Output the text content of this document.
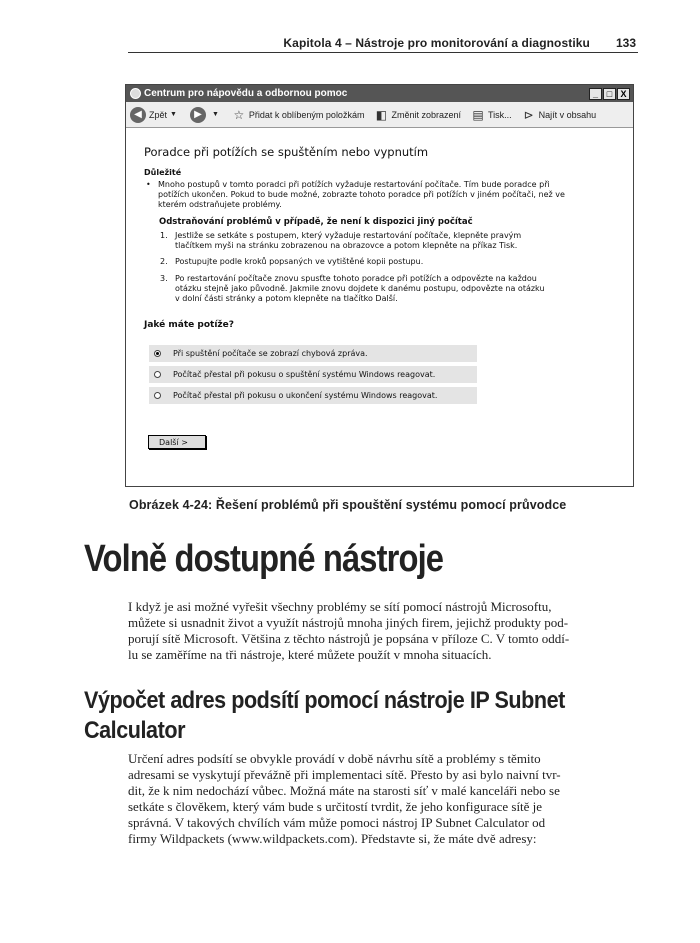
Kapitola 4 – Nástroje pro monitorování a diagnostiku 133
Centrum pro nápovědu a odbornou pomoc	_ □ X
◀ Zpět ▼	▶	▼ ☆ Přidat k oblíbeným položkám ◧ Změnit zobrazení ▤ Tisk... ⊳ Najít v obsahu
Poradce při potížích se spuštěním nebo vypnutím
Důležité
• Mnoho postupů v tomto poradci při potížích vyžaduje restartování počítače. Tím bude poradce při
potížích ukončen. Pokud to bude možné, zobrazte tohoto poradce při potížích v jiném počítači, než ve
kterém odstraňujete problémy.
Odstraňování problémů v případě, že není k dispozici jiný počítač
1. Jestliže se setkáte s postupem, který vyžaduje restartování počítače, klepněte pravým
tlačítkem myši na stránku zobrazenou na obrazovce a potom klepněte na příkaz Tisk.
2. Postupujte podle kroků popsaných ve vytištěné kopii postupu.
3. Po restartování počítače znovu spusťte tohoto poradce při potížích a odpovězte na každou
otázku stejně jako původně. Jakmile znovu dojdete k danému postupu, odpovězte na otázku
v dolní části stránky a potom klepněte na tlačítko Další.
Jaké máte potíže?
Při spuštění počítače se zobrazí chybová zpráva.
Počítač přestal při pokusu o spuštění systému Windows reagovat.
Počítač přestal při pokusu o ukončení systému Windows reagovat.
Další >
Obrázek 4-24: Řešení problémů při spouštění systému pomocí průvodce
Volně dostupné nástroje
I když je asi možné vyřešit všechny problémy se sítí pomocí nástrojů Microsoftu,
můžete si usnadnit život a využít nástrojů mnoha jiných firem, jejichž produkty pod-
porují sítě Microsoft. Většina z těchto nástrojů je popsána v příloze C. V tomto oddí-
lu se zaměříme na tři nástroje, které můžete použít v mnoha situacích.
Výpočet adres podsítí pomocí nástroje IP Subnet
Calculator
Určení adres podsítí se obvykle provádí v době návrhu sítě a problémy s těmito
adresami se vyskytují převážně při implementaci sítě. Přesto by asi bylo naivní tvr-
dit, že k nim nedochází vůbec. Možná máte na starosti síť v malé kanceláři nebo se
setkáte s člověkem, který vám bude s určitostí tvrdit, že jeho konfigurace sítě je
správná. V takových chvílích vám může pomoci nástroj IP Subnet Calculator od
firmy Wildpackets (www.wildpackets.com). Představte si, že máte dvě adresy:
